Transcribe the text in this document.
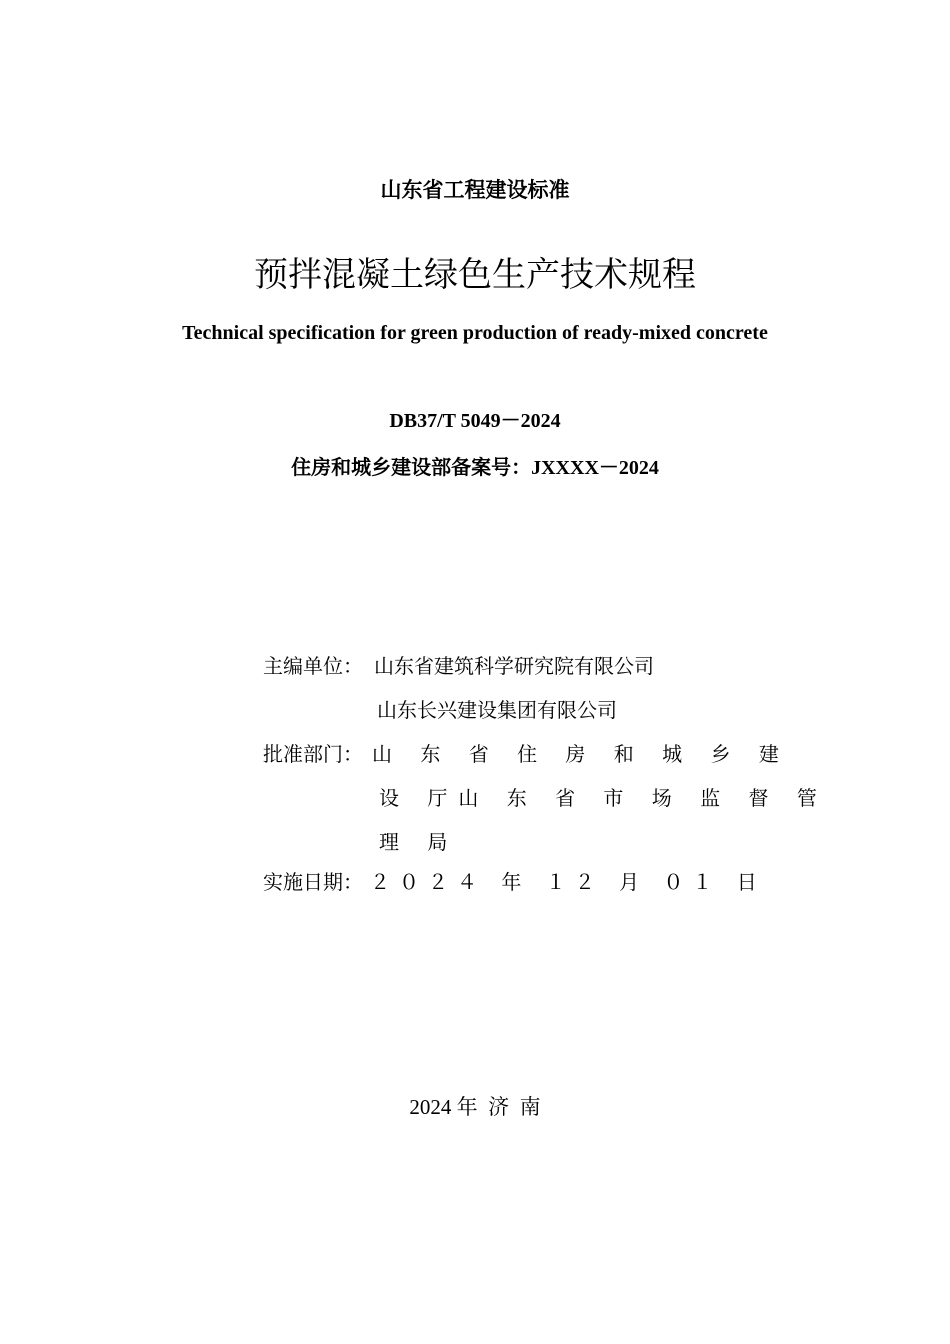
山东省工程建设标准
预拌混凝土绿色生产技术规程
Technical specification for green production of ready-mixed concrete
DB37/T 5049－2024
住房和城乡建设部备案号：JXXXX－2024
主编单位： 山东省建筑科学研究院有限公司
山东长兴建设集团有限公司
批准部门： 山 东 省 住 房 和 城 乡 建
设 厅山 东 省 市 场 监 督 管
理 局
实施日期： ２０２４ 年 １２ 月 ０１ 日
2024 年  济  南
